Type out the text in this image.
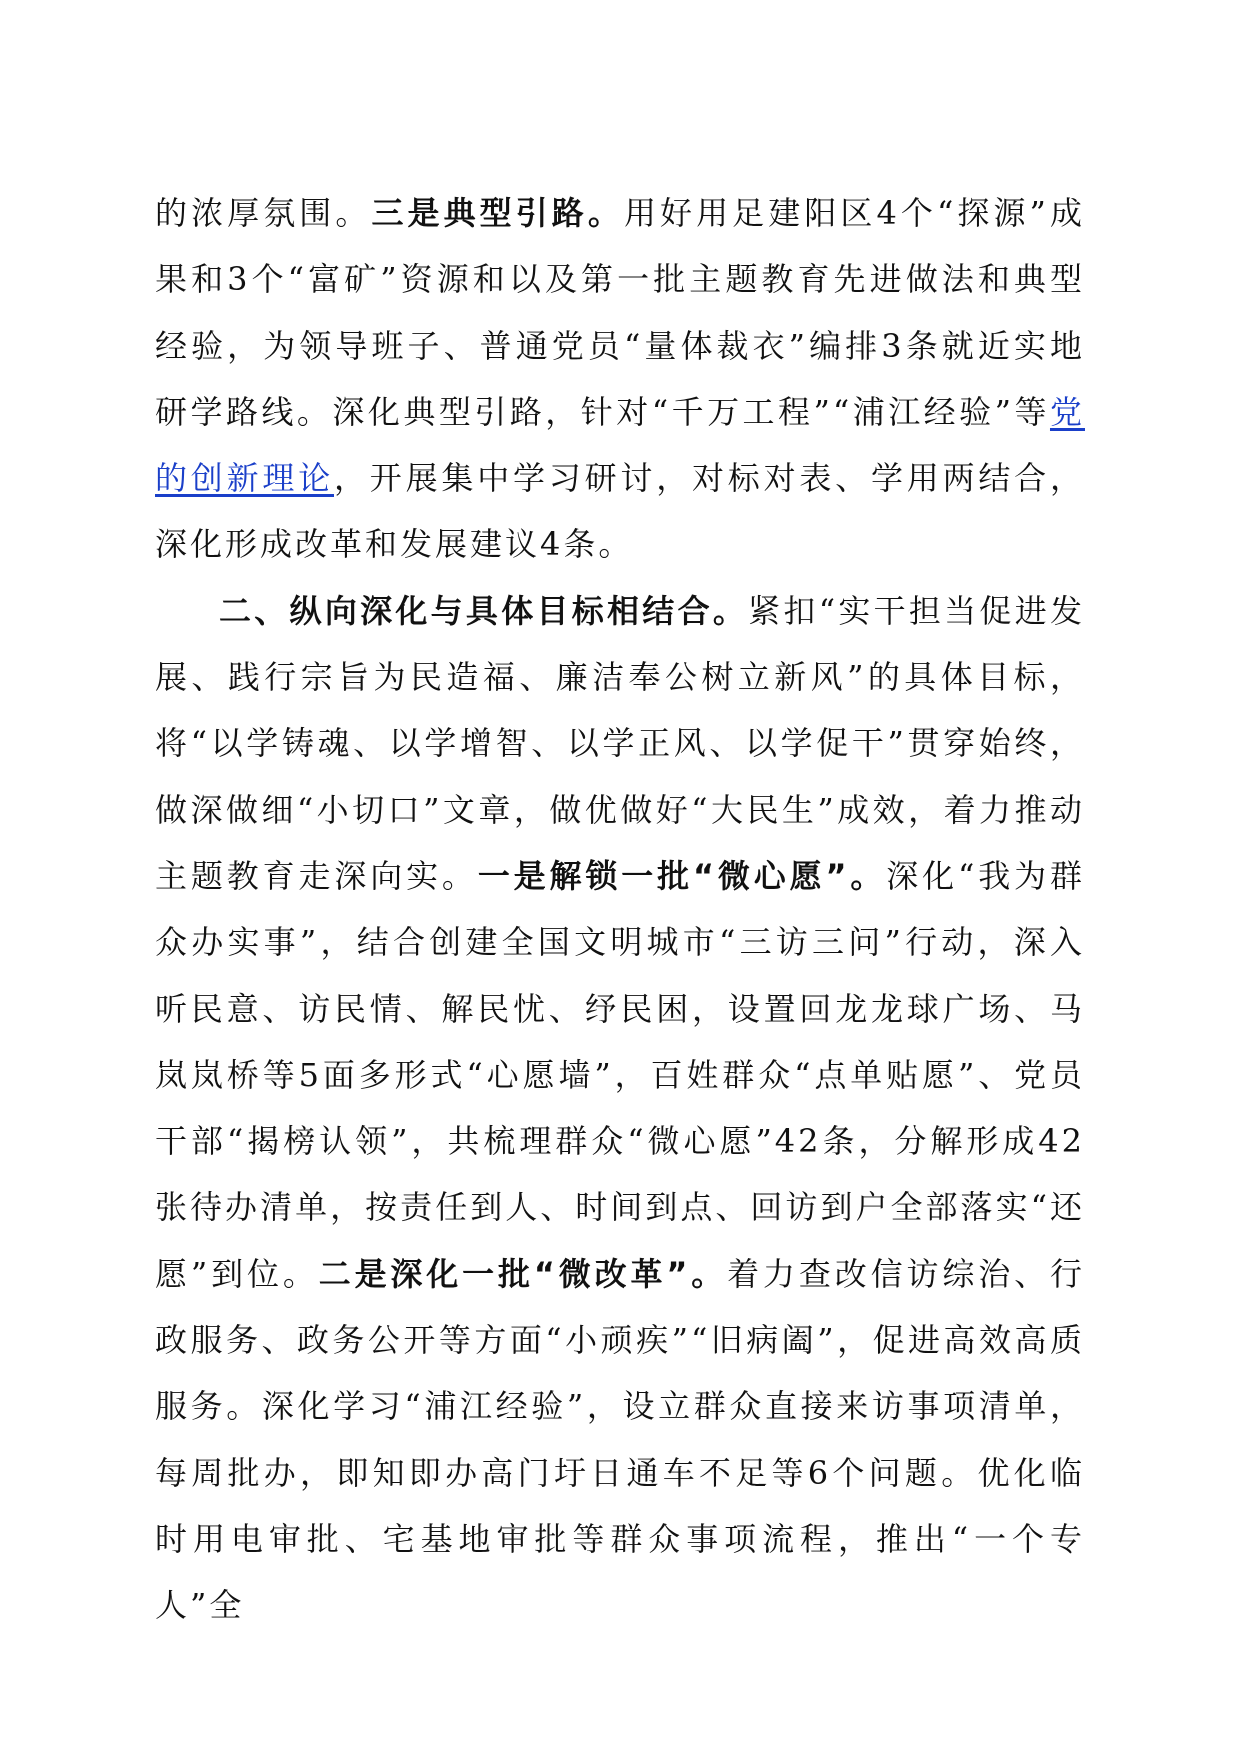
的浓厚氛围。三是典型引路。用好用足建阳区4个“探源”成果和3个“富矿”资源和以及第一批主题教育先进做法和典型经验，为领导班子、普通党员“量体裁衣”编排3条就近实地研学路线。深化典型引路，针对“千万工程”“浦江经验”等党的创新理论，开展集中学习研讨，对标对表、学用两结合，深化形成改革和发展建议4条。

二、纵向深化与具体目标相结合。紧扣“实干担当促进发展、践行宗旨为民造福、廉洁奉公树立新风”的具体目标，将“以学铸魂、以学增智、以学正风、以学促干”贯穿始终，做深做细“小切口”文章，做优做好“大民生”成效，着力推动主题教育走深向实。一是解锁一批“微心愿”。深化“我为群众办实事”，结合创建全国文明城市“三访三问”行动，深入听民意、访民情、解民忧、纾民困，设置回龙龙球广场、马岚岚桥等5面多形式“心愿墙”，百姓群众“点单贴愿”、党员干部“揭榜认领”，共梳理群众“微心愿”42条，分解形成42张待办清单，按责任到人、时间到点、回访到户全部落实“还愿”到位。二是深化一批“微改革”。着力查改信访综治、行政服务、政务公开等方面“小顽疾”“旧病阖”，促进高效高质服务。深化学习“浦江经验”，设立群众直接来访事项清单，每周批办，即知即办高门圩日通车不足等6个问题。优化临时用电审批、宅基地审批等群众事项流程，推出“一个专人”全
